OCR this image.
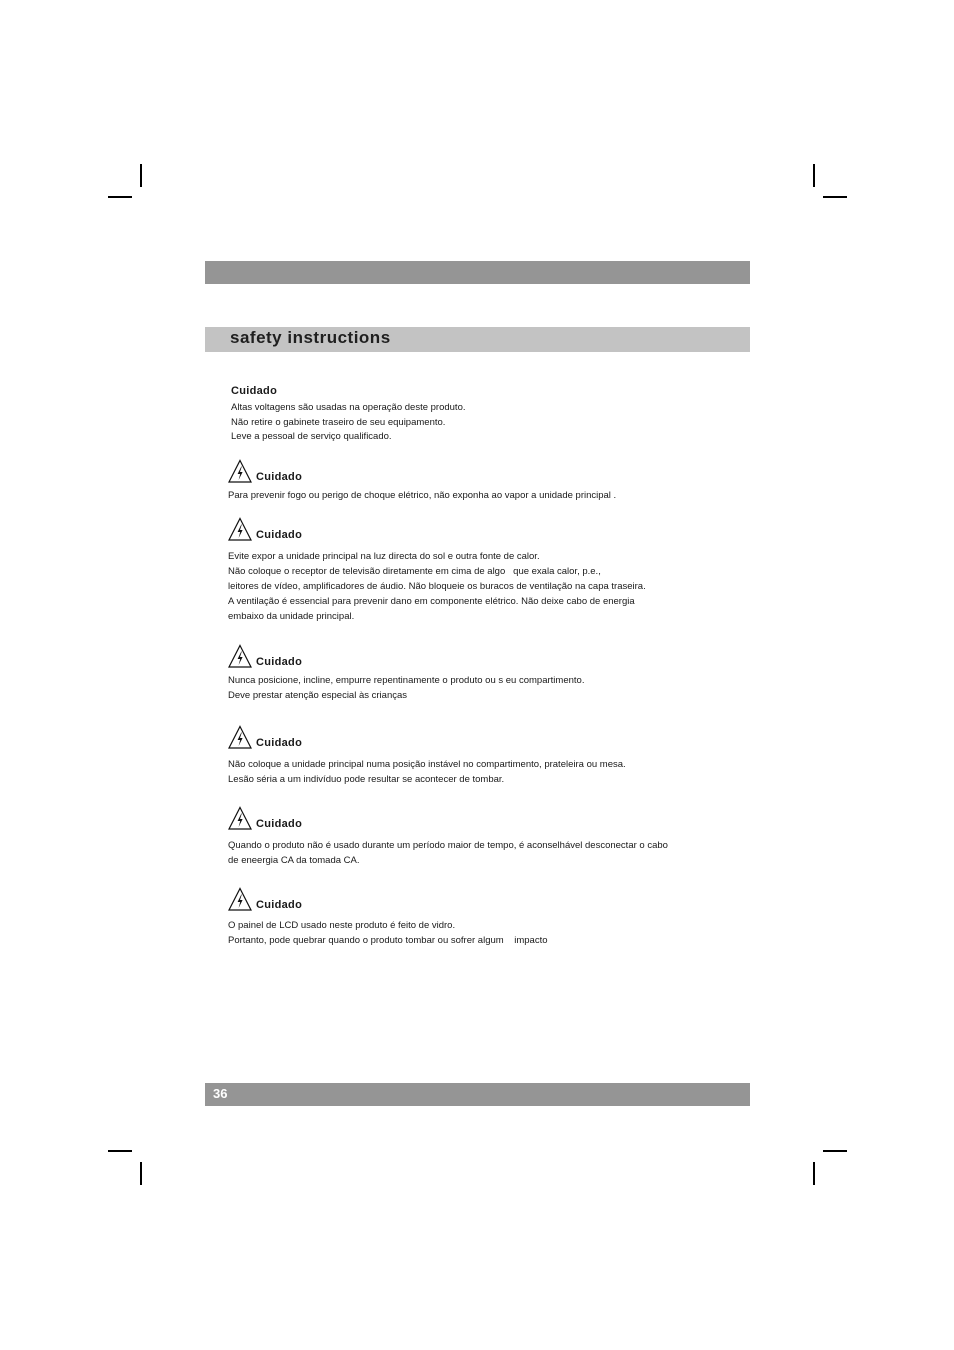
safety instructions
Cuidado
Altas voltagens são usadas na operação deste produto.
Não retire o gabinete traseiro de seu equipamento.
Leve a pessoal de serviço qualificado.
Cuidado
Para prevenir fogo ou perigo de choque elétrico, não exponha ao vapor a unidade principal .
Cuidado
Evite expor a unidade principal na luz directa do sol e outra fonte de calor.
Não coloque o receptor de televisão diretamente em cima de algo   que exala calor, p.e.,
leitores de vídeo, amplificadores de áudio. Não bloqueie os buracos de ventilação na capa traseira.
A ventilação é essencial para prevenir dano em componente elétrico. Não deixe cabo de energia
embaixo da unidade principal.
Cuidado
Nunca posicione, incline, empurre repentinamente o produto ou s eu compartimento.
Deve prestar atenção especial às crianças
Cuidado
Não coloque a unidade principal numa posição instável no compartimento, prateleira ou mesa.
Lesão séria a um indivíduo pode resultar se acontecer de tombar.
Cuidado
Quando o produto não é usado durante um período maior de tempo, é aconselhável desconectar o cabo
de eneergia CA da tomada CA.
Cuidado
O painel de LCD usado neste produto é feito de vidro.
Portanto, pode quebrar quando o produto tombar ou sofrer algum    impacto
36
